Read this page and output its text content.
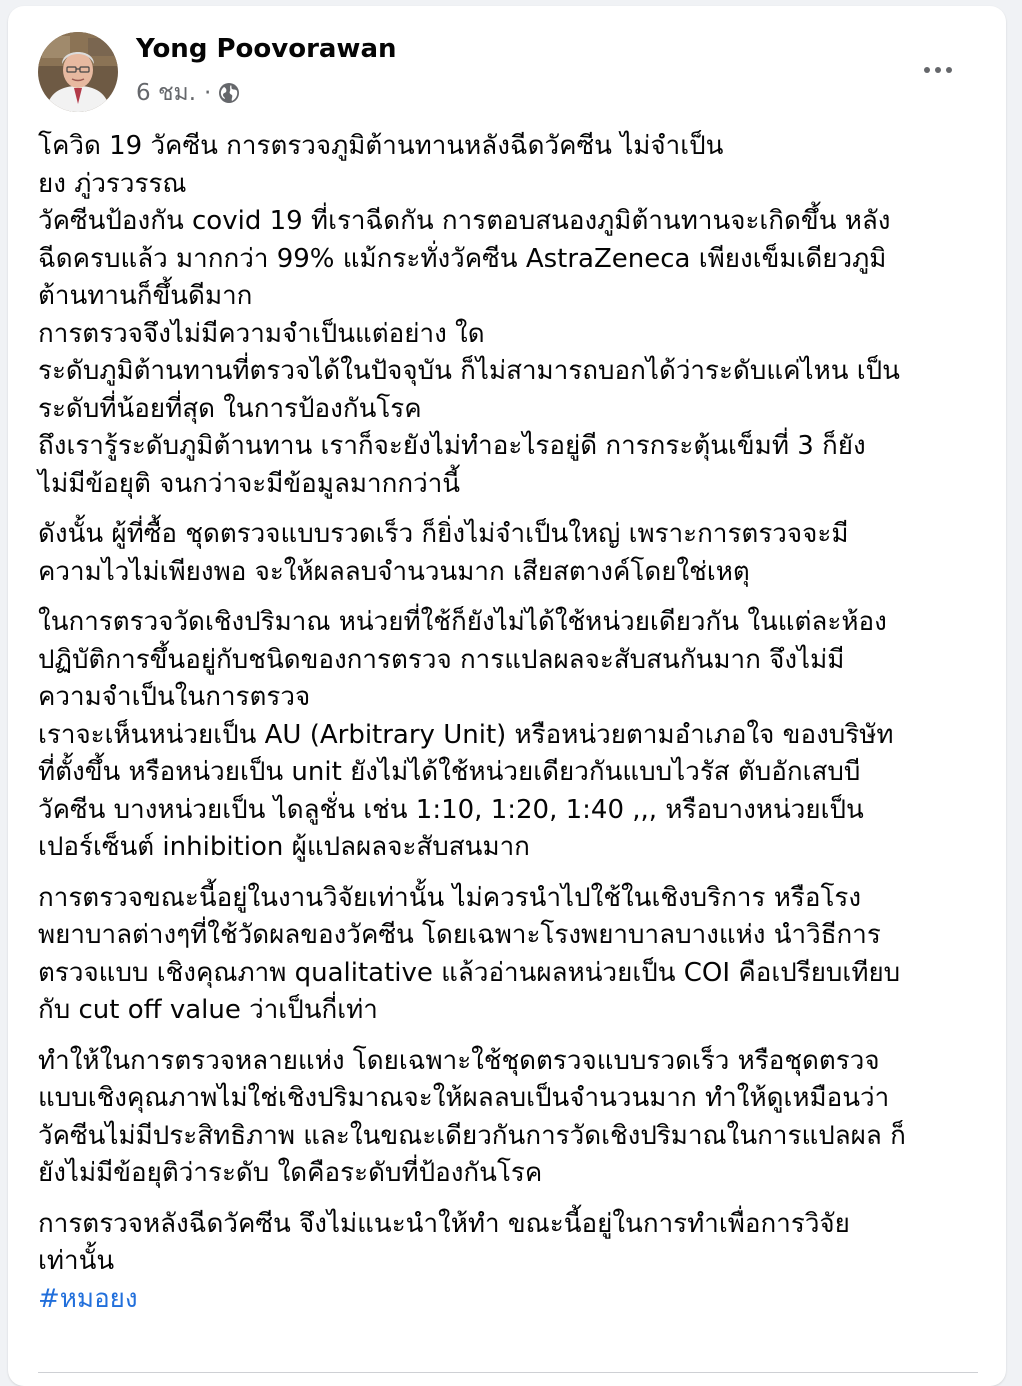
Yong Poovorawan
6 ชม. ·

โควิด 19 วัคซีน การตรวจภูมิต้านทานหลังฉีดวัคซีน ไม่จำเป็น

ยง ภู่วรวรรณ

วัคซีนป้องกัน covid 19 ที่เราฉีดกัน การตอบสนองภูมิต้านทานจะเกิดขึ้น หลัง

ฉีดครบแล้ว มากกว่า 99% แม้กระทั่งวัคซีน AstraZeneca เพียงเข็มเดียวภูมิ

ต้านทานก็ขึ้นดีมาก

การตรวจจึงไม่มีความจำเป็นแต่อย่าง ใด

ระดับภูมิต้านทานที่ตรวจได้ในปัจจุบัน ก็ไม่สามารถบอกได้ว่าระดับแค่ไหน เป็น

ระดับที่น้อยที่สุด ในการป้องกันโรค

ถึงเรารู้ระดับภูมิต้านทาน เราก็จะยังไม่ทำอะไรอยู่ดี การกระตุ้นเข็มที่ 3 ก็ยัง

ไม่มีข้อยุติ จนกว่าจะมีข้อมูลมากกว่านี้

ดังนั้น ผู้ที่ซื้อ ชุดตรวจแบบรวดเร็ว ก็ยิ่งไม่จำเป็นใหญ่ เพราะการตรวจจะมี

ความไวไม่เพียงพอ จะให้ผลลบจำนวนมาก เสียสตางค์โดยใช่เหตุ

ในการตรวจวัดเชิงปริมาณ หน่วยที่ใช้ก็ยังไม่ได้ใช้หน่วยเดียวกัน ในแต่ละห้อง

ปฏิบัติการขึ้นอยู่กับชนิดของการตรวจ การแปลผลจะสับสนกันมาก จึงไม่มี

ความจำเป็นในการตรวจ

เราจะเห็นหน่วยเป็น AU (Arbitrary Unit) หรือหน่วยตามอำเภอใจ ของบริษัท

ที่ตั้งขึ้น หรือหน่วยเป็น unit ยังไม่ได้ใช้หน่วยเดียวกันแบบไวรัส ตับอักเสบบี

วัคซีน บางหน่วยเป็น ไดลูชั่น เช่น 1:10, 1:20, 1:40 ,,, หรือบางหน่วยเป็น

เปอร์เซ็นต์ inhibition ผู้แปลผลจะสับสนมาก

การตรวจขณะนี้อยู่ในงานวิจัยเท่านั้น ไม่ควรนำไปใช้ในเชิงบริการ หรือโรง

พยาบาลต่างๆที่ใช้วัดผลของวัคซีน โดยเฉพาะโรงพยาบาลบางแห่ง นำวิธีการ

ตรวจแบบ เชิงคุณภาพ qualitative แล้วอ่านผลหน่วยเป็น COI คือเปรียบเทียบ

กับ cut off value ว่าเป็นกี่เท่า

ทำให้ในการตรวจหลายแห่ง โดยเฉพาะใช้ชุดตรวจแบบรวดเร็ว หรือชุดตรวจ

แบบเชิงคุณภาพไม่ใช่เชิงปริมาณจะให้ผลลบเป็นจำนวนมาก ทำให้ดูเหมือนว่า

วัคซีนไม่มีประสิทธิภาพ และในขณะเดียวกันการวัดเชิงปริมาณในการแปลผล ก็

ยังไม่มีข้อยุติว่าระดับ ใดคือระดับที่ป้องกันโรค

การตรวจหลังฉีดวัคซีน จึงไม่แนะนำให้ทำ ขณะนี้อยู่ในการทำเพื่อการวิจัย

เท่านั้น

#หมอยง
